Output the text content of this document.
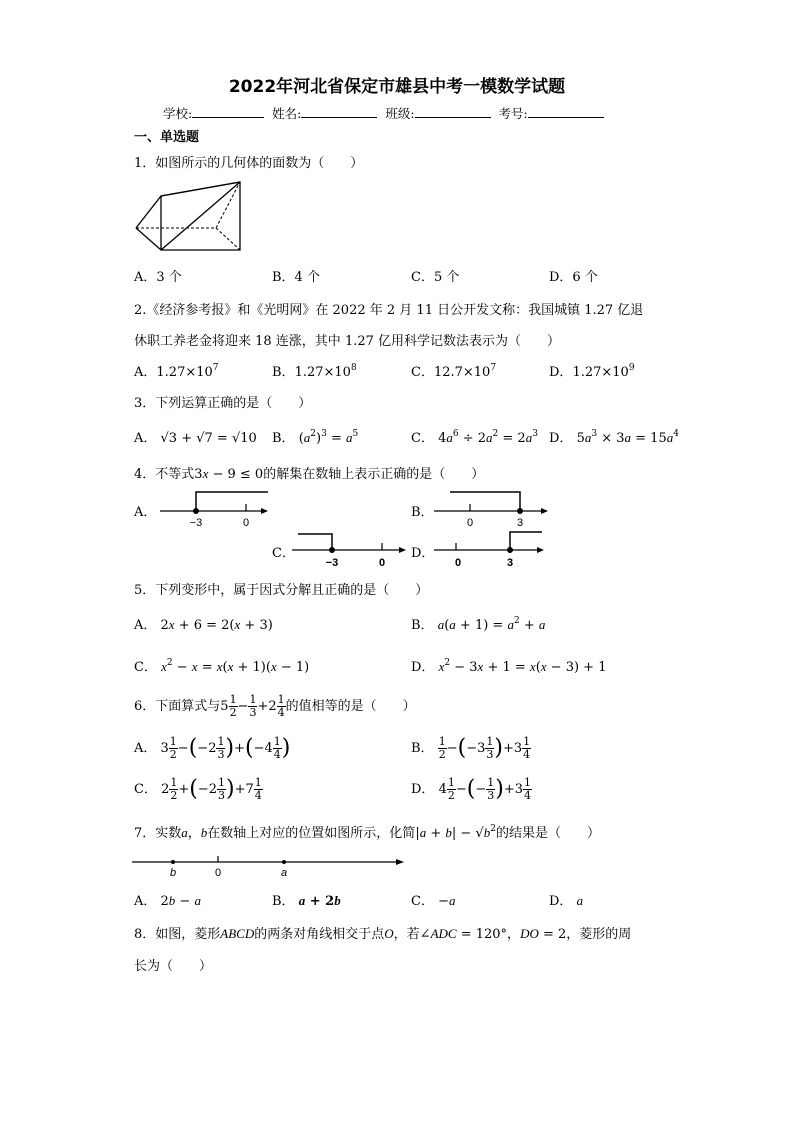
2022年河北省保定市雄县中考一模数学试题
学校:	姓名:	班级:	考号:
一、单选题
1．如图所示的几何体的面数为（　　）
A．3 个	B．4 个	C．5 个	D．6 个
2.《经济参考报》和《光明网》在 2022 年 2 月 11 日公开发文称：我国城镇 1.27 亿退
休职工养老金将迎来 18 连涨，其中 1.27 亿用科学记数法表示为（　　）
A．$1.27\times 10^7$	B．$1.27\times 10^8$	C．$12.7\times 10^7$	D．$1.27\times 10^9$
3．下列运算正确的是（　　）
A． √3 + √7 = √10 B． $(a^2)^3 = a^5$	C． $4a^6 \div 2a^2 = 2a^3$ D． $5a^3 \times 3a = 15a^4$
4．不等式3x − 9 ≤ 0的解集在数轴上表示正确的是（　　）
A．
−3	0
B．
0	3
C．
−3	0
D．
0	3
5．下列变形中，属于因式分解且正确的是（　　）
A． 2x + 6 = 2(x + 3)	B． $a(a + 1) = a^2 + a$
C． $x^2 - x = x(x + 1)(x - 1)$	D． $x^2 - 3x + 1 = x(x - 3) + 1$
6．下面算式与$5 \frac{1}{2} - \frac{1}{3} +2 \frac{1}{4}$ 的值相等的是（　　）
A． $3 \frac{1}{2} -(-2 \frac{1}{3} )+(-4 \frac{1}{4}$ )	B． $\frac{1}{2} -(-3 \frac{1}{3} )+3 \frac{1}{4}$
C． $2 \frac{1}{2} +(-2 \frac{1}{3} )+7 \frac{1}{4}$	D． $4 \frac{1}{2}$ −(− $\frac{1}{3} )+3 \frac{1}{4}$
7．实数a，b在数轴上对应的位置如图所示，化简$|a + b| - √b^2$的结果是（　　）
b	0	a
A． 2b − a	B． a + 2b	C． −a	D． a
8．如图，菱形ABCD的两条对角线相交于点O，若∠ADC = 120°，DO = 2，菱形的周
长为（　　）
